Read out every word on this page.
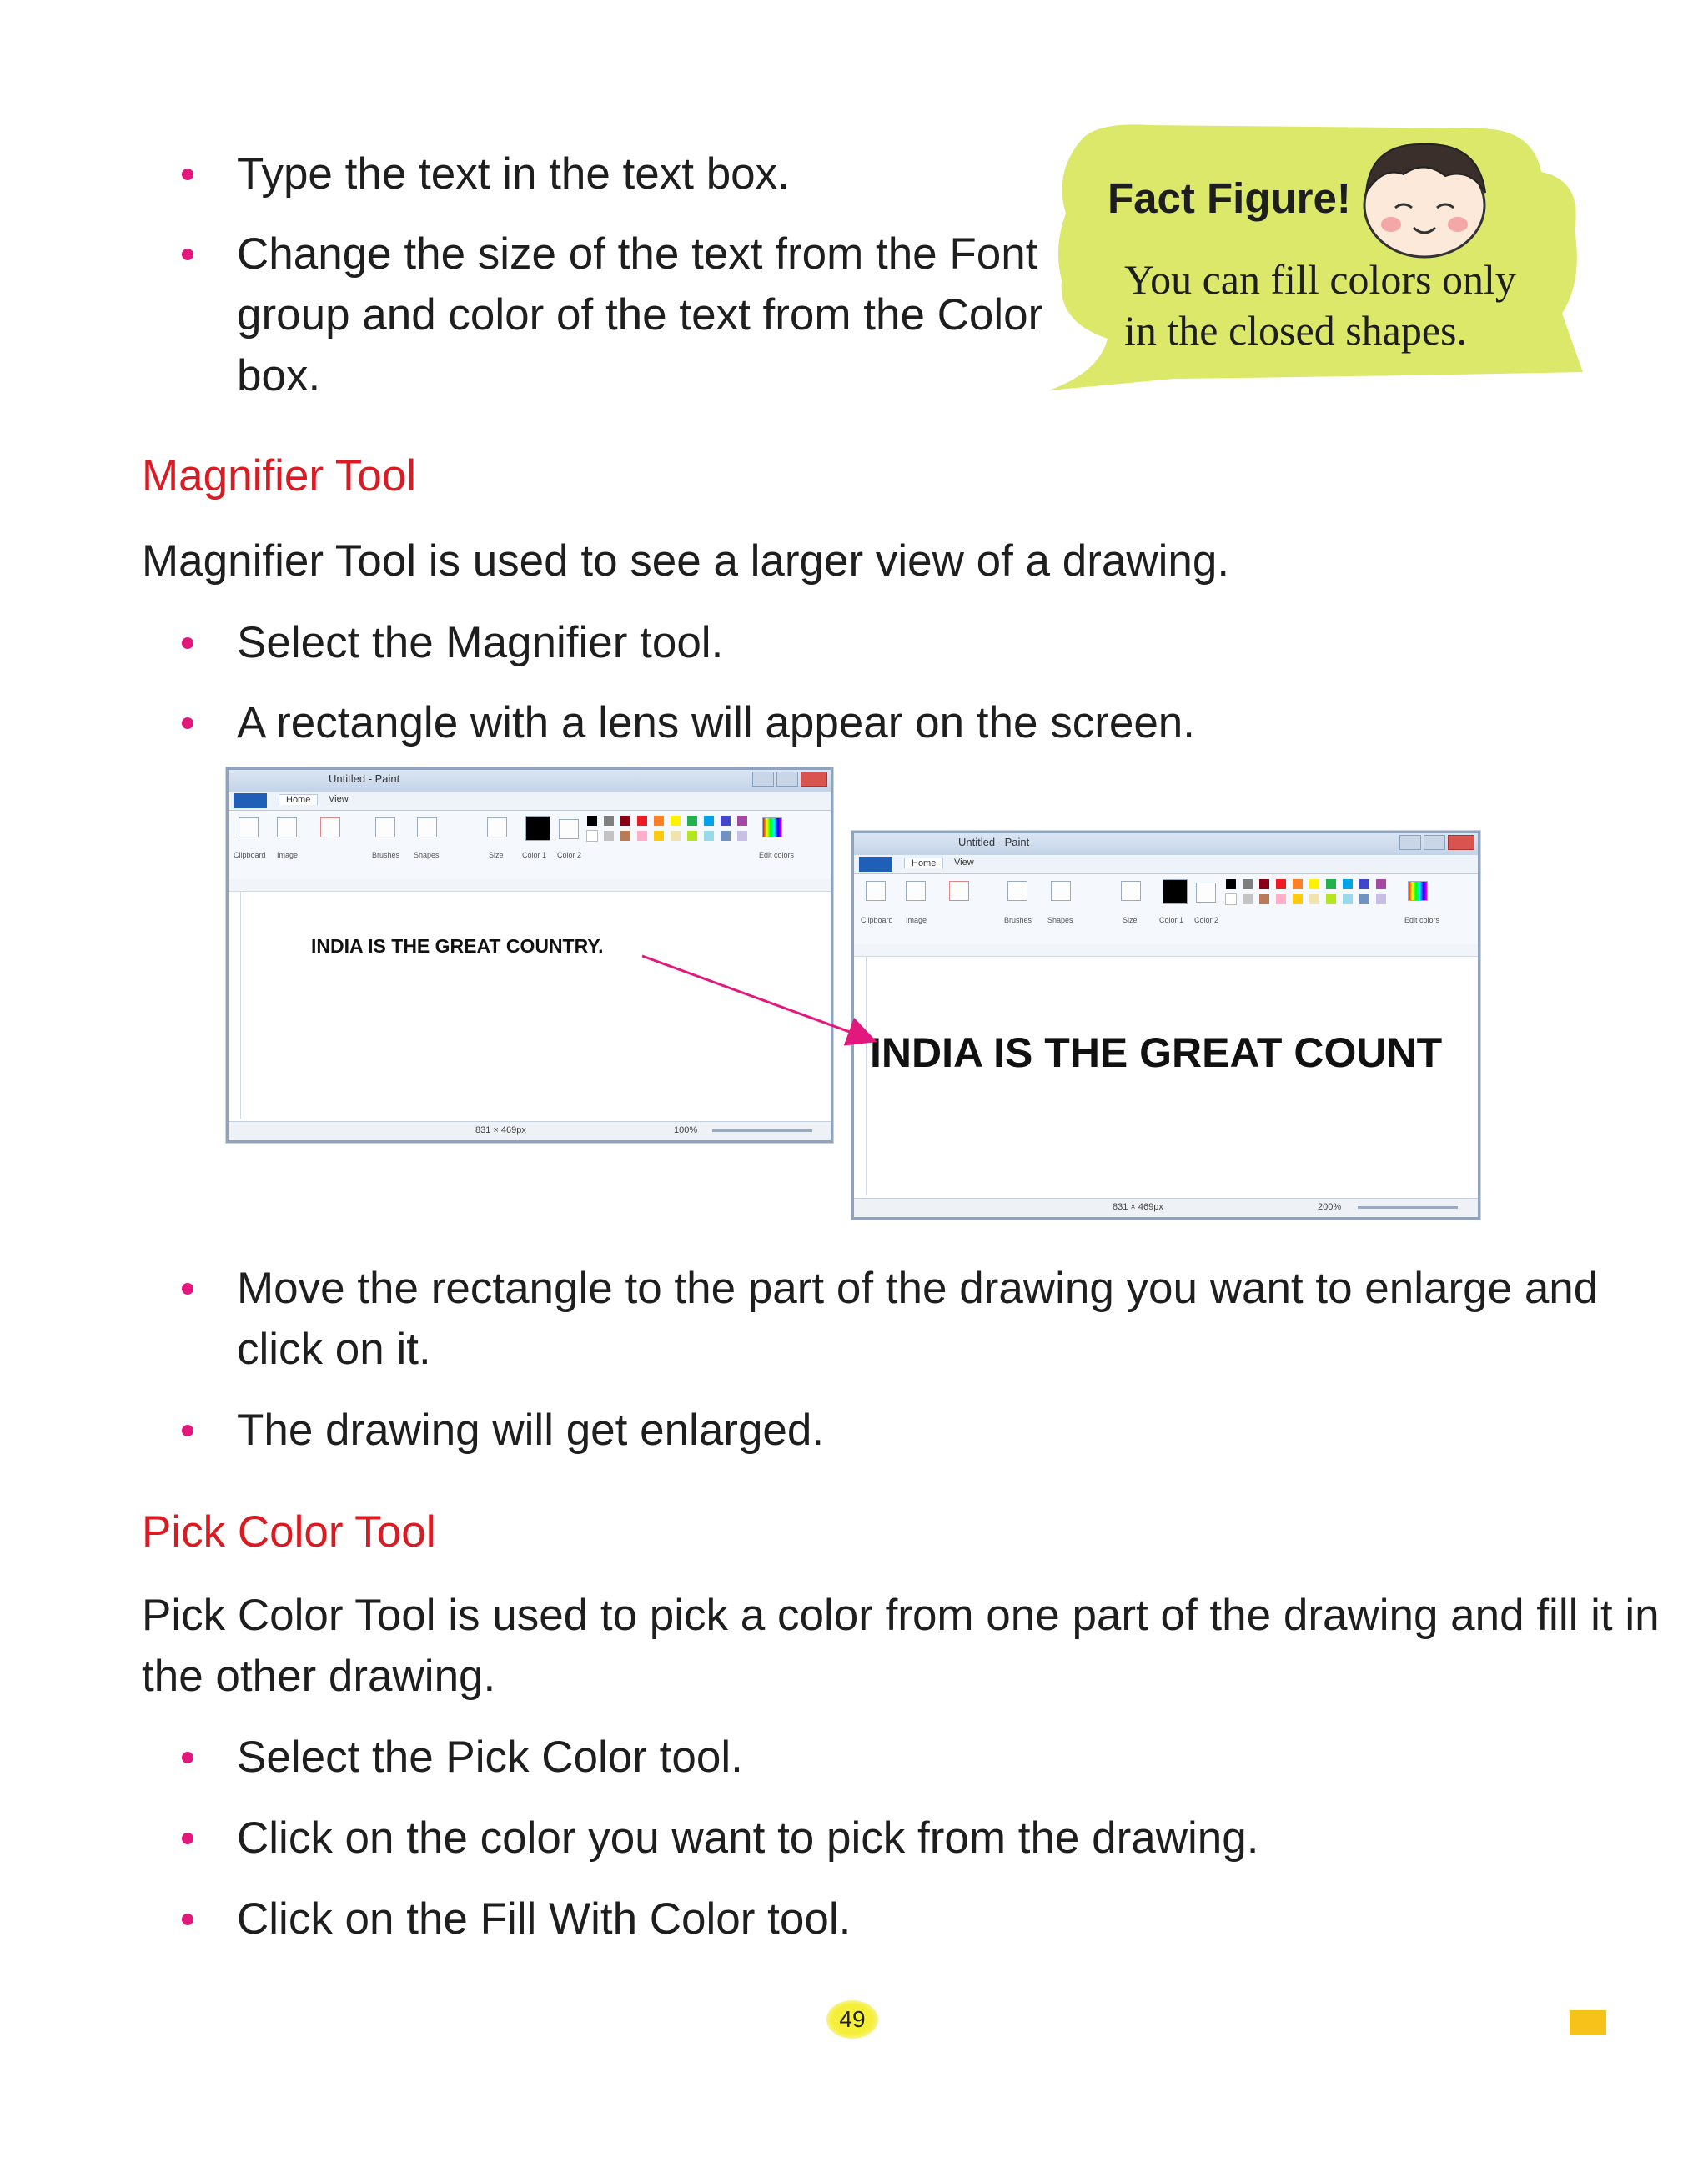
Type the text in the text box.
Change the size of the text from the Font
group and color of the text from the Color
box.
Fact Figure!
You can fill colors only
in the closed shapes.
Magnifier Tool
Magnifier Tool is used to see a larger view of a drawing.
Select the Magnifier tool.
A rectangle with a lens will appear on the screen.
Untitled - Paint
Home	View
Clipboard Image	Brushes Shapes	Size Color 1 Color 2	Edit colors
INDIA IS THE GREAT COUNTRY.
831 × 469px	100%
Untitled - Paint
Home	View
Clipboard Image	Brushes Shapes	Size	Color 1 Color 2	Edit colors
INDIA IS THE GREAT COUNT
831 × 469px	200%
Move the rectangle to the part of the drawing you want to enlarge and
click on it.
The drawing will get enlarged.
Pick Color Tool
Pick Color Tool is used to pick a color from one part of the drawing and fill it in
the other drawing.
Select the Pick Color tool.
Click on the color you want to pick from the drawing.
Click on the Fill With Color tool.
49
